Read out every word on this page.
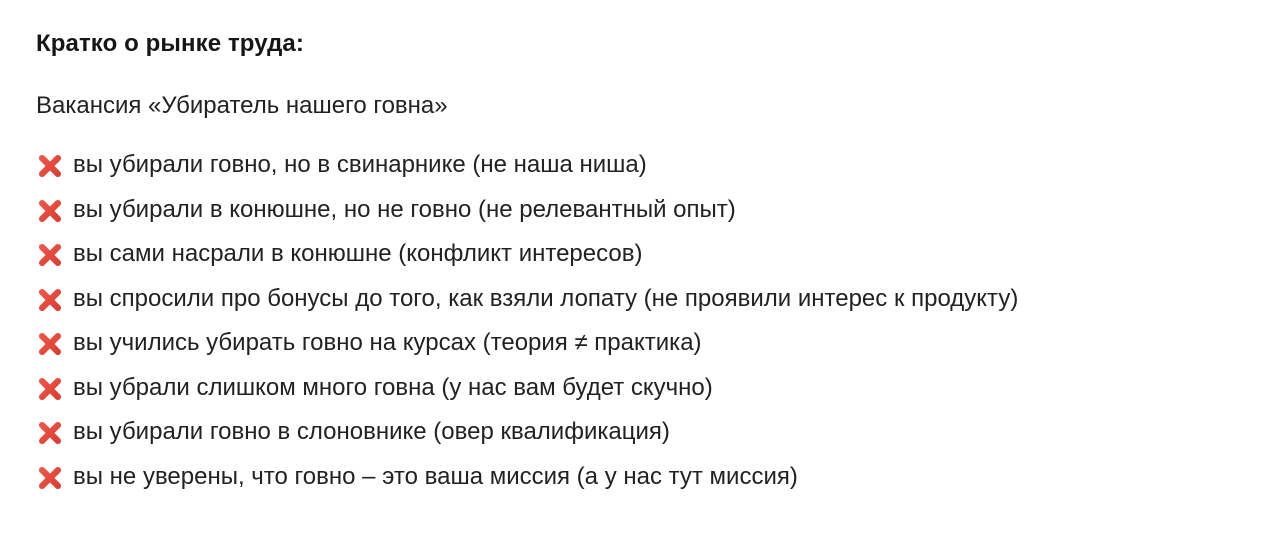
Кратко о рынке труда:
Вакансия «Убиратель нашего говна»
вы убирали говно, но в свинарнике (не наша ниша)
вы убирали в конюшне, но не говно (не релевантный опыт)
вы сами насрали в конюшне (конфликт интересов)
вы спросили про бонусы до того, как взяли лопату (не проявили интерес к продукту)
вы учились убирать говно на курсах (теория ≠ практика)
вы убрали слишком много говна (у нас вам будет скучно)
вы убирали говно в слоновнике (овер квалификация)
вы не уверены, что говно – это ваша миссия (а у нас тут миссия)
